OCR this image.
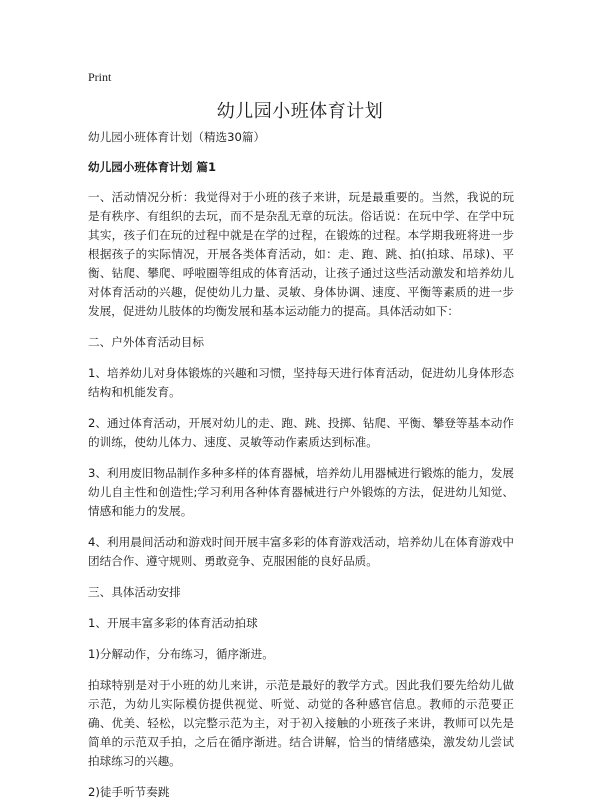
Print
幼儿园小班体育计划

幼儿园小班体育计划（精选30篇）

幼儿园小班体育计划 篇1

一、活动情况分析：我觉得对于小班的孩子来讲，玩是最重要的。当然，我说的玩是有秩序、有组织的去玩，而不是杂乱无章的玩法。俗话说：在玩中学、在学中玩其实，孩子们在玩的过程中就是在学的过程，在锻炼的过程。本学期我班将进一步根据孩子的实际情况，开展各类体育活动，如：走、跑、跳、拍(拍球、吊球)、平衡、钻爬、攀爬、呼啦圈等组成的体育活动，让孩子通过这些活动激发和培养幼儿对体育活动的兴趣，促使幼儿力量、灵敏、身体协调、速度、平衡等素质的进一步发展，促进幼儿肢体的均衡发展和基本运动能力的提高。具体活动如下：

二、户外体育活动目标

1、培养幼儿对身体锻炼的兴趣和习惯，坚持每天进行体育活动，促进幼儿身体形态结构和机能发育。

2、通过体育活动，开展对幼儿的走、跑、跳、投掷、钻爬、平衡、攀登等基本动作的训练，使幼儿体力、速度、灵敏等动作素质达到标准。

3、利用废旧物品制作多种多样的体育器械，培养幼儿用器械进行锻炼的能力，发展幼儿自主性和创造性;学习利用各种体育器械进行户外锻炼的方法，促进幼儿知觉、情感和能力的发展。

4、利用晨间活动和游戏时间开展丰富多彩的体育游戏活动，培养幼儿在体育游戏中团结合作、遵守规则、勇敢竞争、克服困能的良好品质。

三、具体活动安排

1、开展丰富多彩的体育活动拍球

1)分解动作，分布练习，循序渐进。

拍球特别是对于小班的幼儿来讲，示范是最好的教学方式。因此我们要先给幼儿做示范，为幼儿实际模仿提供视觉、听觉、动觉的各种感官信息。教师的示范要正确、优美、轻松，以完整示范为主，对于初入接触的小班孩子来讲，教师可以先是简单的示范双手拍，之后在循序渐进。结合讲解，恰当的情绪感染，激发幼儿尝试拍球练习的兴趣。

2)徒手听节奏跳
